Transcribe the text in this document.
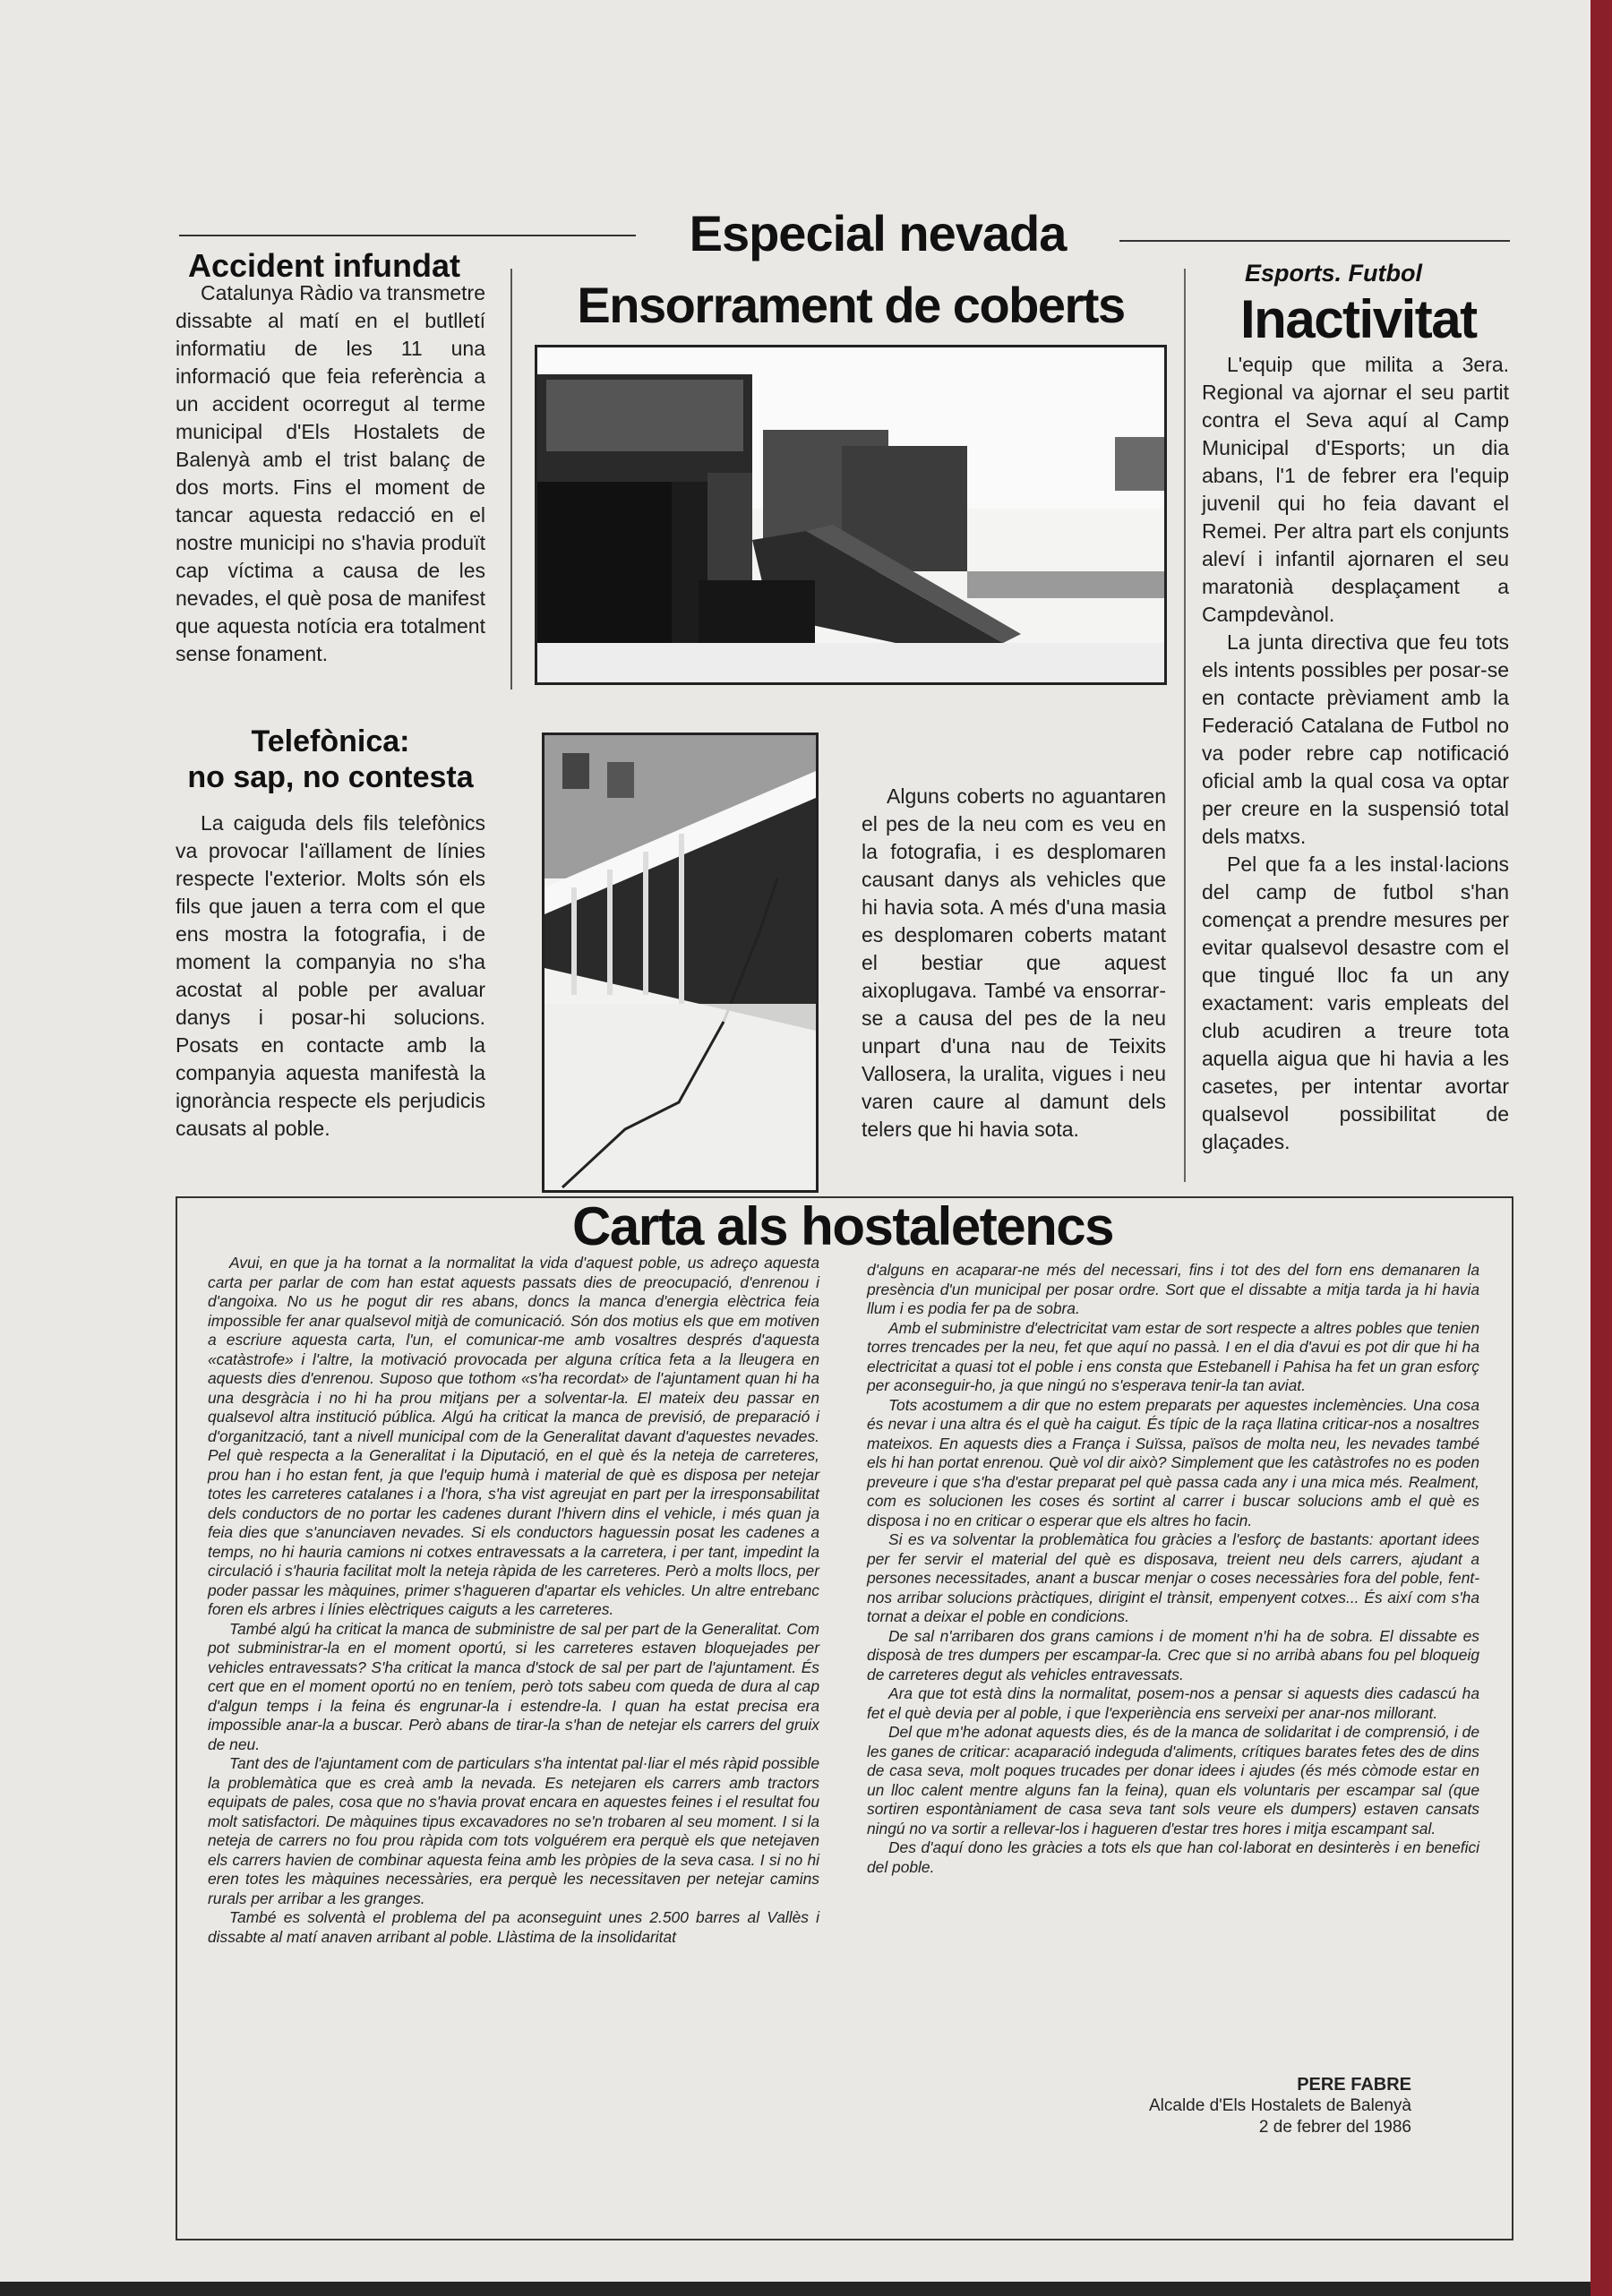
Especial nevada
Accident infundat

Catalunya Ràdio va transmetre dissabte al matí en el butlletí informatiu de les 11 una informació que feia referència a un accident ocorregut al terme municipal d'Els Hostalets de Balenyà amb el trist balanç de dos morts. Fins el moment de tancar aquesta redacció en el nostre municipi no s'havia produït cap víctima a causa de les nevades, el què posa de manifest que aquesta notícia era totalment sense fonament.

Telefònica:
no sap, no contesta

La caiguda dels fils telefònics va provocar l'aïllament de línies respecte l'exterior. Molts són els fils que jauen a terra com el que ens mostra la fotografia, i de moment la companyia no s'ha acostat al poble per avaluar danys i posar-hi solucions. Posats en contacte amb la companyia aquesta manifestà la ignorància respecte els perjudicis causats al poble.

Ensorrament de coberts

Alguns coberts no aguantaren el pes de la neu com es veu en la fotografia, i es desplomaren causant danys als vehicles que hi havia sota. A més d'una masia es desplomaren coberts matant el bestiar que aquest aixoplugava. També va ensorrar-se a causa del pes de la neu unpart d'una nau de Teixits Vallosera, la uralita, vigues i neu varen caure al damunt dels telers que hi havia sota.

Esports. Futbol
Inactivitat

L'equip que milita a 3era. Regional va ajornar el seu partit contra el Seva aquí al Camp Municipal d'Esports; un dia abans, l'1 de febrer era l'equip juvenil qui ho feia davant el Remei. Per altra part els conjunts aleví i infantil ajornaren el seu maratonià desplaçament a Campdevànol.

La junta directiva que feu tots els intents possibles per posar-se en contacte prèviament amb la Federació Catalana de Futbol no va poder rebre cap notificació oficial amb la qual cosa va optar per creure en la suspensió total dels matxs.

Pel que fa a les instal·lacions del camp de futbol s'han començat a prendre mesures per evitar qualsevol desastre com el que tingué lloc fa un any exactament: varis empleats del club acudiren a treure tota aquella aigua que hi havia a les casetes, per intentar avortar qualsevol possibilitat de glaçades.

Carta als hostaletencs

Avui, en que ja ha tornat a la normalitat la vida d'aquest poble, us adreço aquesta carta per parlar de com han estat aquests passats dies de preocupació, d'enrenou i d'angoixa. No us he pogut dir res abans, doncs la manca d'energia elèctrica feia impossible fer anar qualsevol mitjà de comunicació. Són dos motius els que em motiven a escriure aquesta carta, l'un, el comunicar-me amb vosaltres després d'aquesta «catàstrofe» i l'altre, la motivació provocada per alguna crítica feta a la lleugera en aquests dies d'enrenou. Suposo que tothom «s'ha recordat» de l'ajuntament quan hi ha una desgràcia i no hi ha prou mitjans per a solventar-la. El mateix deu passar en qualsevol altra institució pública. Algú ha criticat la manca de previsió, de preparació i d'organització, tant a nivell municipal com de la Generalitat davant d'aquestes nevades. Pel què respecta a la Generalitat i la Diputació, en el què és la neteja de carreteres, prou han i ho estan fent, ja que l'equip humà i material de què es disposa per netejar totes les carreteres catalanes i a l'hora, s'ha vist agreujat en part per la irresponsabilitat dels conductors de no portar les cadenes durant l'hivern dins el vehicle, i més quan ja feia dies que s'anunciaven nevades. Si els conductors haguessin posat les cadenes a temps, no hi hauria camions ni cotxes entravessats a la carretera, i per tant, impedint la circulació i s'hauria facilitat molt la neteja ràpida de les carreteres. Però a molts llocs, per poder passar les màquines, primer s'hagueren d'apartar els vehicles. Un altre entrebanc foren els arbres i línies elèctriques caiguts a les carreteres.

També algú ha criticat la manca de subministre de sal per part de la Generalitat. Com pot subministrar-la en el moment oportú, si les carreteres estaven bloquejades per vehicles entravessats? S'ha criticat la manca d'stock de sal per part de l'ajuntament. És cert que en el moment oportú no en teníem, però tots sabeu com queda de dura al cap d'algun temps i la feina és engrunar-la i estendre-la. I quan ha estat precisa era impossible anar-la a buscar. Però abans de tirar-la s'han de netejar els carrers del gruix de neu.

Tant des de l'ajuntament com de particulars s'ha intentat pal·liar el més ràpid possible la problemàtica que es creà amb la nevada. Es netejaren els carrers amb tractors equipats de pales, cosa que no s'havia provat encara en aquestes feines i el resultat fou molt satisfactori. De màquines tipus excavadores no se'n trobaren al seu moment. I si la neteja de carrers no fou prou ràpida com tots volguérem era perquè els que netejaven els carrers havien de combinar aquesta feina amb les pròpies de la seva casa. I si no hi eren totes les màquines necessàries, era perquè les necessitaven per netejar camins rurals per arribar a les granges.

També es solventà el problema del pa aconseguint unes 2.500 barres al Vallès i dissabte al matí anaven arribant al poble. Llàstima de la insolidaritat

d'alguns en acaparar-ne més del necessari, fins i tot des del forn ens demanaren la presència d'un municipal per posar ordre. Sort que el dissabte a mitja tarda ja hi havia llum i es podia fer pa de sobra.

Amb el subministre d'electricitat vam estar de sort respecte a altres pobles que tenien torres trencades per la neu, fet que aquí no passà. I en el dia d'avui es pot dir que hi ha electricitat a quasi tot el poble i ens consta que Estebanell i Pahisa ha fet un gran esforç per aconseguir-ho, ja que ningú no s'esperava tenir-la tan aviat.

Tots acostumem a dir que no estem preparats per aquestes inclemències. Una cosa és nevar i una altra és el què ha caigut. És típic de la raça llatina criticar-nos a nosaltres mateixos. En aquests dies a França i Suïssa, països de molta neu, les nevades també els hi han portat enrenou. Què vol dir això? Simplement que les catàstrofes no es poden preveure i que s'ha d'estar preparat pel què passa cada any i una mica més. Realment, com es solucionen les coses és sortint al carrer i buscar solucions amb el què es disposa i no en criticar o esperar que els altres ho facin.

Si es va solventar la problemàtica fou gràcies a l'esforç de bastants: aportant idees per fer servir el material del què es disposava, treient neu dels carrers, ajudant a persones necessitades, anant a buscar menjar o coses necessàries fora del poble, fent-nos arribar solucions pràctiques, dirigint el trànsit, empenyent cotxes... És així com s'ha tornat a deixar el poble en condicions.

De sal n'arribaren dos grans camions i de moment n'hi ha de sobra. El dissabte es disposà de tres dumpers per escampar-la. Crec que si no arribà abans fou pel bloqueig de carreteres degut als vehicles entravessats.

Ara que tot està dins la normalitat, posem-nos a pensar si aquests dies cadascú ha fet el què devia per al poble, i que l'experiència ens serveixi per anar-nos millorant.

Del que m'he adonat aquests dies, és de la manca de solidaritat i de comprensió, i de les ganes de criticar: acaparació indeguda d'aliments, crítiques barates fetes des de dins de casa seva, molt poques trucades per donar idees i ajudes (és més còmode estar en un lloc calent mentre alguns fan la feina), quan els voluntaris per escampar sal (que sortiren espontàniament de casa seva tant sols veure els dumpers) estaven cansats ningú no va sortir a rellevar-los i hagueren d'estar tres hores i mitja escampant sal.

Des d'aquí dono les gràcies a tots els que han col·laborat en desinterès i en benefici del poble.

PERE FABRE
Alcalde d'Els Hostalets de Balenyà
2 de febrer del 1986
